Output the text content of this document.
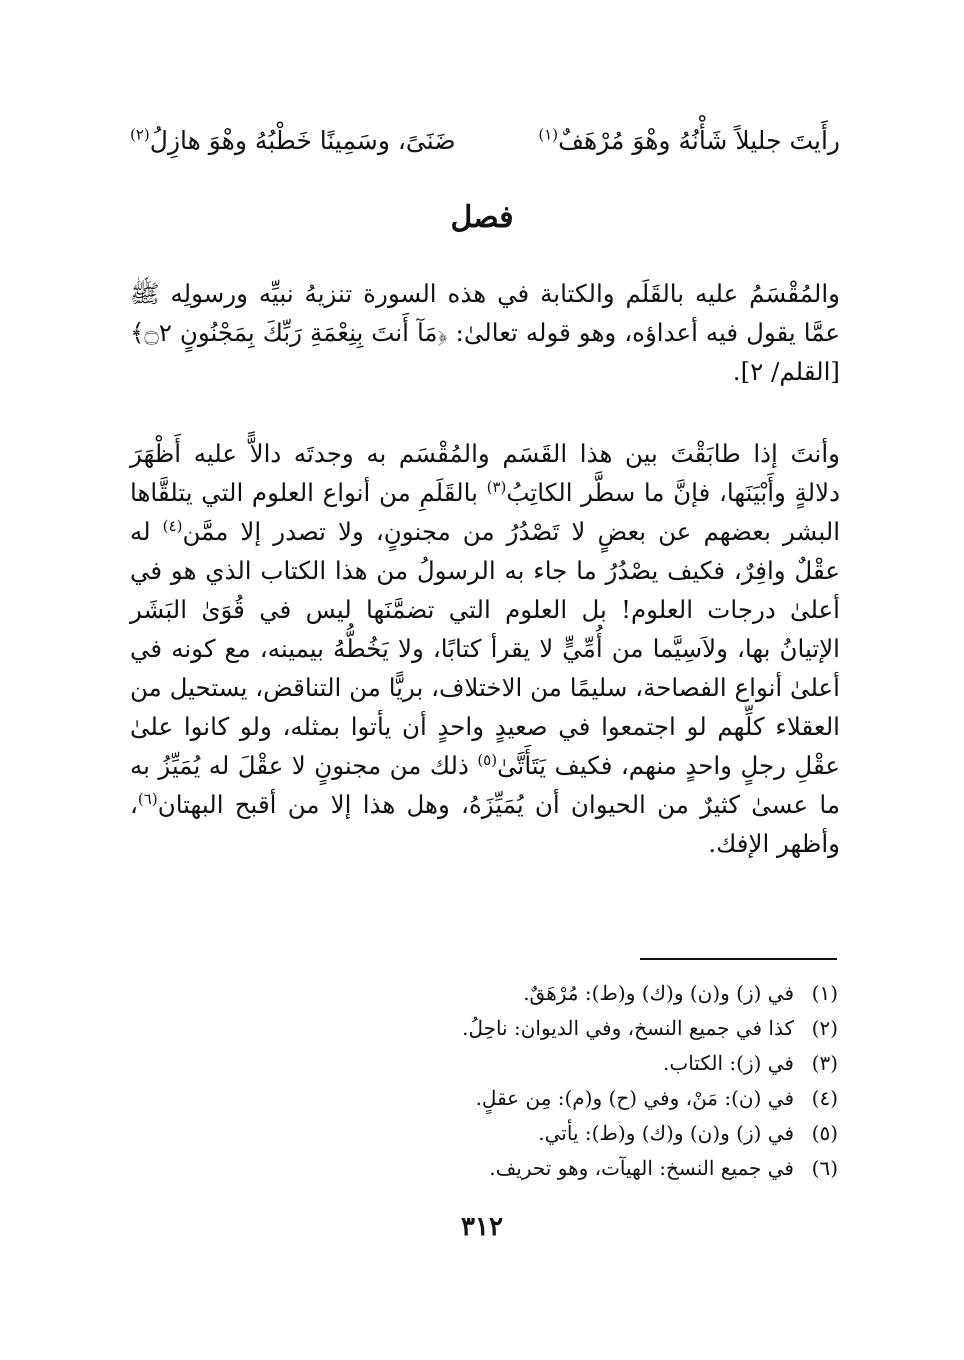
رأَيتَ جليلاً شَأْنُهُ وهْوَ مُرْهَفٌ$^{(١)}$
ضَنَىً، وسَمِينًا خَطْبُهُ وهْوَ هازِلُ$^{(٢)}$
فصل

والمُقْسَمُ عليه بالقَلَم والكتابة في هذه السورة تنزيهُ نبيِّه ورسولِه ﷺ عمَّا يقول فيه أعداؤه، وهو قوله تعالىٰ: ﴿مَآ أَنتَ بِنِعْمَةِ رَبِّكَ بِمَجْنُونٍ ۝٢﴾ [القلم/ ٢].

وأنتَ إذا طابَقْتَ بين هذا القَسَم والمُقْسَم به وجدتَه دالاًّ عليه أَظْهَرَ دلالةٍ وأَبْيَنَها، فإنَّ ما سطَّر الكاتِبُ$^{(٣)}$ بالقَلَمِ من أنواع العلوم التي يتلقَّاها البشر بعضهم عن بعضٍ لا تَصْدُرُ من مجنونٍ، ولا تصدر إلا ممَّن$^{(٤)}$ له عقْلٌ وافِرٌ، فكيف يصْدُرُ ما جاء به الرسولُ من هذا الكتاب الذي هو في أعلىٰ درجات العلوم! بل العلوم التي تضمَّنَها ليس في قُوَىٰ البَشَر الإتيانُ بها، ولاَسِيَّما من أُمِّيٍّ لا يقرأ كتابًا، ولا يَخُطُّهُ بيمينه، مع كونه في أعلىٰ أنواع الفصاحة، سليمًا من الاختلاف، بريًّا من التناقض، يستحيل من العقلاء كلِّهم لو اجتمعوا في صعيدٍ واحدٍ أن يأتوا بمثله، ولو كانوا علىٰ عقْلِ رجلٍ واحدٍ منهم، فكيف يَتَأَتَّىٰ$^{(٥)}$ ذلك من مجنونٍ لا عقْلَ له يُمَيِّزُ به ما عسىٰ كثيرٌ من الحيوان أن يُمَيِّزَهُ، وهل هذا إلا من أقبح البهتان$^{(٦)}$، وأظهر الإفك.

(١)في (ز) و(ن) و(ك) و(ط): مُرْهَقٌ.
(٢)كذا في جميع النسخ، وفي الديوان: ناحِلُ.
(٣)في (ز): الكتاب.
(٤)في (ن): مَنْ، وفي (ح) و(م): مِن عقلٍ.
(٥)في (ز) و(ن) و(ك) و(ط): يأتي.
(٦)في جميع النسخ: الهيآت، وهو تحريف.
٣١٢
